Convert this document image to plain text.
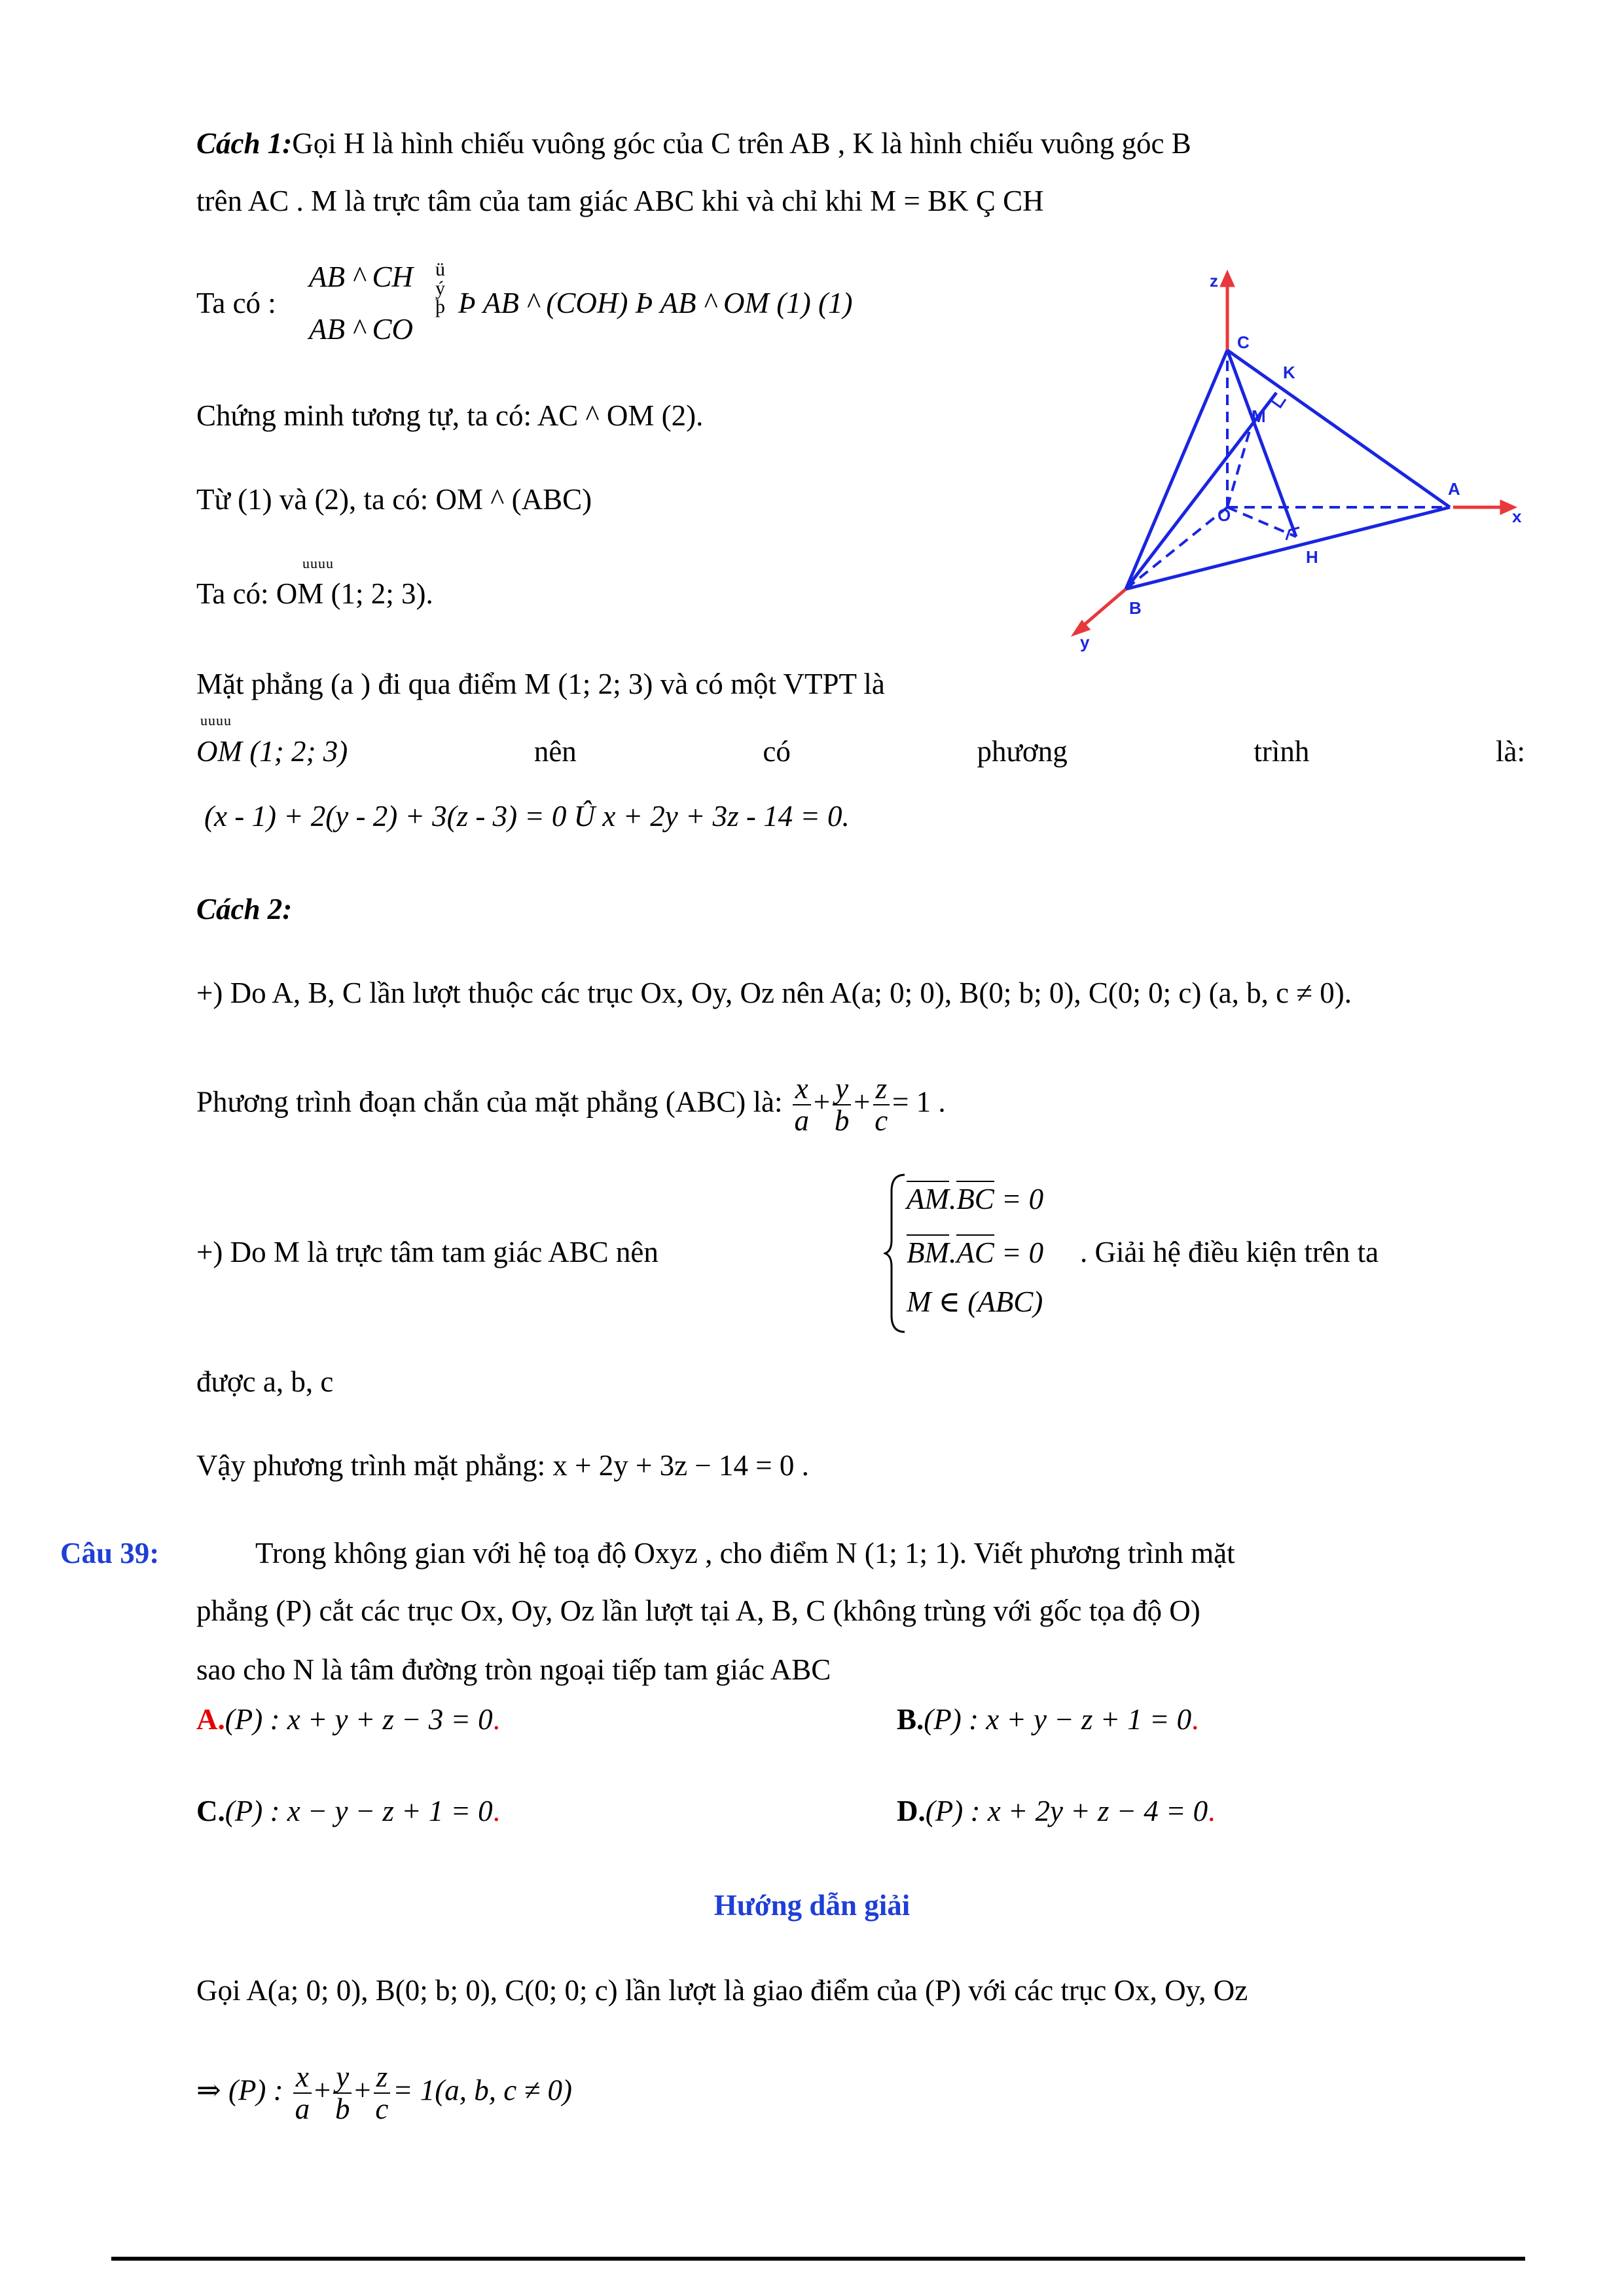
Cách 1:Gọi H là hình chiếu vuông góc của C trên AB , K là hình chiếu vuông góc B
trên AC . M là trực tâm của tam giác ABC khi và chỉ khi M = BK Ç CH
Ta có :
AB ^ CH
AB ^ CO
ü ý þ Þ AB ^ (COH) Þ AB ^ OM (1) (1)
Chứng minh tương tự, ta có: AC ^ OM (2).
Từ (1) và (2), ta có: OM ^ (ABC)
uuuu
Ta có: OM (1; 2; 3).
Mặt phẳng (a ) đi qua điểm M (1; 2; 3) và có một VTPT là
uuuu
OM (1; 2; 3)	nên	có	phương	trình	là:
(x - 1) + 2(y - 2) + 3(z - 3) = 0 Û x + 2y + 3z - 14 = 0.
z
C
K
M
A
x
O
H
B
y
Cách 2:
+) Do A, B, C lần lượt thuộc các trục Ox, Oy, Oz nên A(a; 0; 0), B(0; b; 0), C(0; 0; c) (a, b, c ≠ 0).
Phương trình đoạn chắn của mặt phẳng (ABC) là: $\frac{x}{a} + \frac{y}{b} + \frac{z}{c} = 1$ .
+) Do M là trực tâm tam giác ABC nên
AM.BC = 0
BM.AC = 0
M ∈ (ABC)
. Giải hệ điều kiện trên ta
được a, b, c
Vậy phương trình mặt phẳng: x + 2y + 3z − 14 = 0 .
Câu 39:	Trong không gian với hệ toạ độ Oxyz , cho điểm N (1; 1; 1). Viết phương trình mặt
phẳng (P) cắt các trục Ox, Oy, Oz lần lượt tại A, B, C (không trùng với gốc tọa độ O)
sao cho N là tâm đường tròn ngoại tiếp tam giác ABC
A.(P) : x + y + z − 3 = 0.	B.(P) : x + y − z + 1 = 0.
C.(P) : x − y − z + 1 = 0.	D.(P) : x + 2y + z − 4 = 0.
Hướng dẫn giải
Gọi A(a; 0; 0), B(0; b; 0), C(0; 0; c) lần lượt là giao điểm của (P) với các trục Ox, Oy, Oz
⇒ (P) : $\frac{x}{a} + \frac{y}{b} + \frac{z}{c} = 1(a$, b, c ≠ 0)
